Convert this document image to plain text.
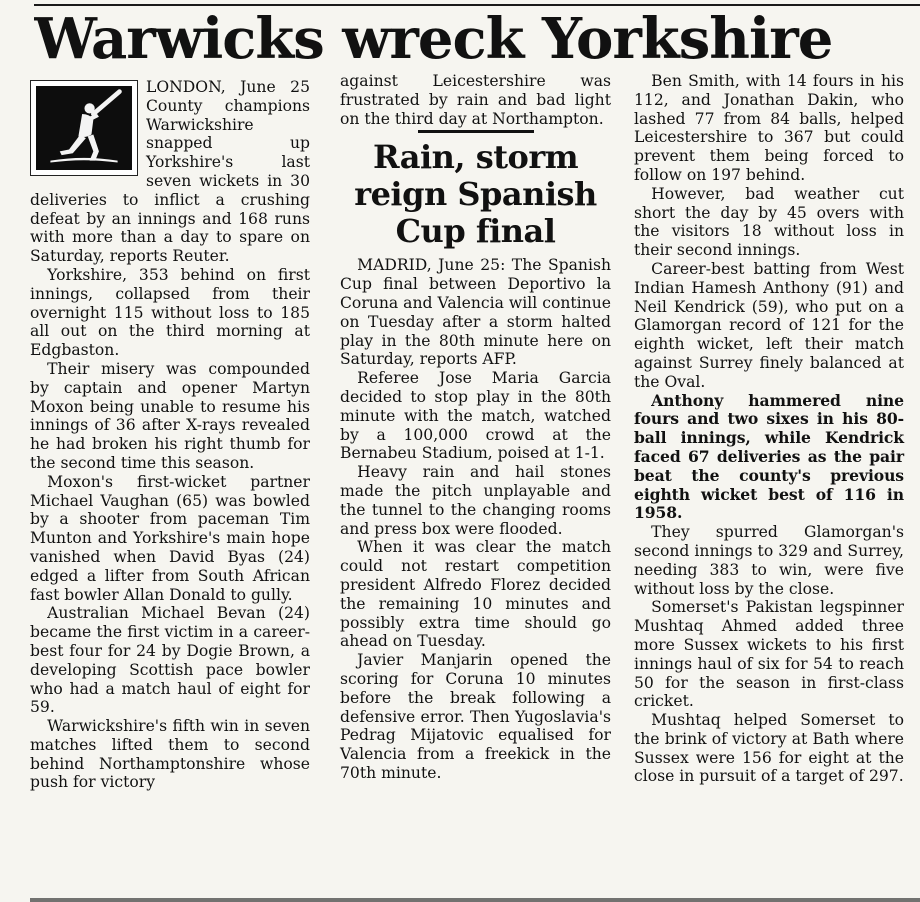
Warwicks wreck Yorkshire

LONDON, June 25 County champions Warwickshire snapped up Yorkshire's last seven wickets in 30 deliveries to inflict a crushing defeat by an innings and 168 runs with more than a day to spare on Saturday, reports Reuter.

Yorkshire, 353 behind on first innings, collapsed from their overnight 115 without loss to 185 all out on the third morning at Edgbaston.

Their misery was compounded by captain and opener Martyn Moxon being unable to resume his innings of 36 after X-rays revealed he had broken his right thumb for the second time this season.

Moxon's first-wicket partner Michael Vaughan (65) was bowled by a shooter from paceman Tim Munton and Yorkshire's main hope vanished when David Byas (24) edged a lifter from South African fast bowler Allan Donald to gully.

Australian Michael Bevan (24) became the first victim in a career-best four for 24 by Dogie Brown, a developing Scottish pace bowler who had a match haul of eight for 59.

Warwickshire's fifth win in seven matches lifted them to second behind Northamptonshire whose push for victory

against Leicestershire was frustrated by rain and bad light on the third day at Northampton.

Rain, storm reign Spanish Cup final

MADRID, June 25: The Spanish Cup final between Deportivo la Coruna and Valencia will continue on Tuesday after a storm halted play in the 80th minute here on Saturday, reports AFP.

Referee Jose Maria Garcia decided to stop play in the 80th minute with the match, watched by a 100,000 crowd at the Bernabeu Stadium, poised at 1-1.

Heavy rain and hail stones made the pitch unplayable and the tunnel to the changing rooms and press box were flooded.

When it was clear the match could not restart competition president Alfredo Florez decided the remaining 10 minutes and possibly extra time should go ahead on Tuesday.

Javier Manjarin opened the scoring for Coruna 10 minutes before the break following a defensive error. Then Yugoslavia's Pedrag Mijatovic equalised for Valencia from a freekick in the 70th minute.

Ben Smith, with 14 fours in his 112, and Jonathan Dakin, who lashed 77 from 84 balls, helped Leicestershire to 367 but could prevent them being forced to follow on 197 behind.

However, bad weather cut short the day by 45 overs with the visitors 18 without loss in their second innings.

Career-best batting from West Indian Hamesh Anthony (91) and Neil Kendrick (59), who put on a Glamorgan record of 121 for the eighth wicket, left their match against Surrey finely balanced at the Oval.

Anthony hammered nine fours and two sixes in his 80-ball innings, while Kendrick faced 67 deliveries as the pair beat the county's previous eighth wicket best of 116 in 1958.

They spurred Glamorgan's second innings to 329 and Surrey, needing 383 to win, were five without loss by the close.

Somerset's Pakistan legspinner Mushtaq Ahmed added three more Sussex wickets to his first innings haul of six for 54 to reach 50 for the season in first-class cricket.

Mushtaq helped Somerset to the brink of victory at Bath where Sussex were 156 for eight at the close in pursuit of a target of 297.
